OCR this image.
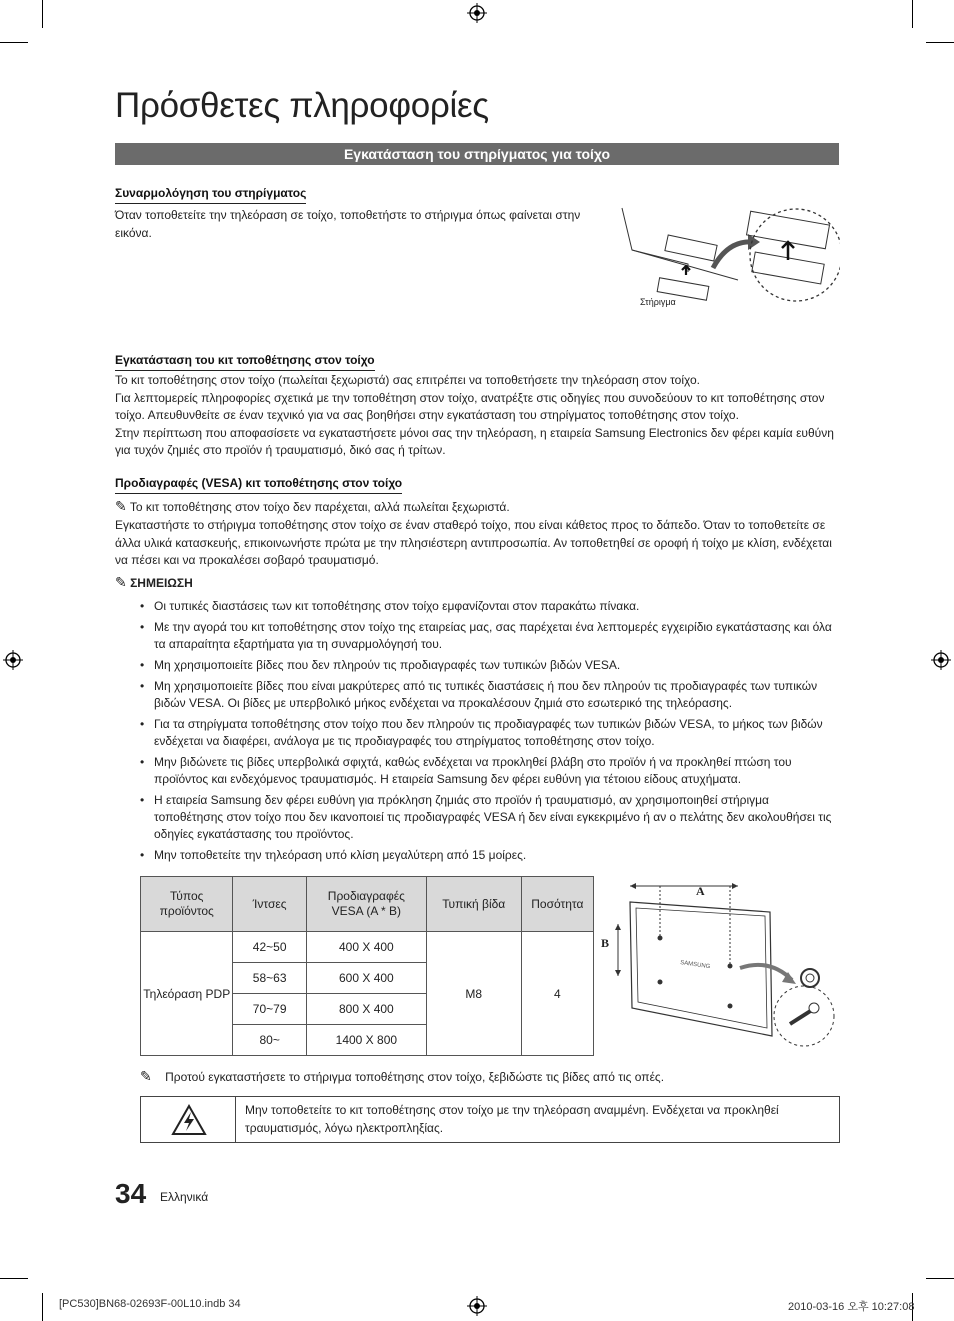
Πρόσθετες πληροφορίες
Εγκατάσταση του στηρίγματος για τοίχο
Συναρμολόγηση του στηρίγματος
Όταν τοποθετείτε την τηλεόραση σε τοίχο, τοποθετήστε το στήριγμα όπως φαίνεται στην εικόνα.
Στήριγμα
Εγκατάσταση του κιτ τοποθέτησης στον τοίχο
Το κιτ τοποθέτησης στον τοίχο (πωλείται ξεχωριστά) σας επιτρέπει να τοποθετήσετε την τηλεόραση στον τοίχο.
Για λεπτομερείς πληροφορίες σχετικά με την τοποθέτηση στον τοίχο, ανατρέξτε στις οδηγίες που συνοδεύουν το κιτ τοποθέτησης στον τοίχο. Απευθυνθείτε σε έναν τεχνικό για να σας βοηθήσει στην εγκατάσταση του στηρίγματος τοποθέτησης στον τοίχο.
Στην περίπτωση που αποφασίσετε να εγκαταστήσετε μόνοι σας την τηλεόραση, η εταιρεία Samsung Electronics δεν φέρει καμία ευθύνη για τυχόν ζημιές στο προϊόν ή τραυματισμό, δικό σας ή τρίτων.
Προδιαγραφές (VESA) κιτ τοποθέτησης στον τοίχο
✎ Το κιτ τοποθέτησης στον τοίχο δεν παρέχεται, αλλά πωλείται ξεχωριστά.
Εγκαταστήστε το στήριγμα τοποθέτησης στον τοίχο σε έναν σταθερό τοίχο, που είναι κάθετος προς το δάπεδο. Όταν το τοποθετείτε σε άλλα υλικά κατασκευής, επικοινωνήστε πρώτα με την πλησιέστερη αντιπροσωπία. Αν τοποθετηθεί σε οροφή ή τοίχο με κλίση, ενδέχεται να πέσει και να προκαλέσει σοβαρό τραυματισμό.
✎ ΣΗΜΕΙΩΣΗ
• Οι τυπικές διαστάσεις των κιτ τοποθέτησης στον τοίχο εμφανίζονται στον παρακάτω πίνακα.
• Με την αγορά του κιτ τοποθέτησης στον τοίχο της εταιρείας μας, σας παρέχεται ένα λεπτομερές εγχειρίδιο εγκατάστασης και όλα τα απαραίτητα εξαρτήματα για τη συναρμολόγησή του.
• Μη χρησιμοποιείτε βίδες που δεν πληρούν τις προδιαγραφές των τυπικών βιδών VESA.
• Μη χρησιμοποιείτε βίδες που είναι μακρύτερες από τις τυπικές διαστάσεις ή που δεν πληρούν τις προδιαγραφές των τυπικών βιδών VESA. Οι βίδες με υπερβολικό μήκος ενδέχεται να προκαλέσουν ζημιά στο εσωτερικό της τηλεόρασης.
• Για τα στηρίγματα τοποθέτησης στον τοίχο που δεν πληρούν τις προδιαγραφές των τυπικών βιδών VESA, το μήκος των βιδών ενδέχεται να διαφέρει, ανάλογα με τις προδιαγραφές του στηρίγματος τοποθέτησης στον τοίχο.
• Μην βιδώνετε τις βίδες υπερβολικά σφιχτά, καθώς ενδέχεται να προκληθεί βλάβη στο προϊόν ή να προκληθεί πτώση του προϊόντος και ενδεχόμενος τραυματισμός. Η εταιρεία Samsung δεν φέρει ευθύνη για τέτοιου είδους ατυχήματα.
• Η εταιρεία Samsung δεν φέρει ευθύνη για πρόκληση ζημιάς στο προϊόν ή τραυματισμό, αν χρησιμοποιηθεί στήριγμα τοποθέτησης στον τοίχο που δεν ικανοποιεί τις προδιαγραφές VESA ή δεν είναι εγκεκριμένο ή αν ο πελάτης δεν ακολουθήσει τις οδηγίες εγκατάστασης του προϊόντος.
• Μην τοποθετείτε την τηλεόραση υπό κλίση μεγαλύτερη από 15 μοίρες.
Τύπος
προϊόντος	Ίντσες	Προδιαγραφές VESA (A * B)	Τυπική βίδα	Ποσότητα
Τηλεόραση PDP	42~50	400 X 400	M8	4
	58~63	600 X 400		
	70~79	800 X 400		
	80~	1400 X 800		
SAMSUNG
A
B
✎ Προτού εγκαταστήσετε το στήριγμα τοποθέτησης στον τοίχο, ξεβιδώστε τις βίδες από τις οπές.
Μην τοποθετείτε το κιτ τοποθέτησης στον τοίχο με την τηλεόραση αναμμένη. Ενδέχεται να προκληθεί τραυματισμός, λόγω ηλεκτροπληξίας.
34 Ελληνικά
[PC530]BN68-02693F-00L10.indb 34	2010-03-16 오후 10:27:08
